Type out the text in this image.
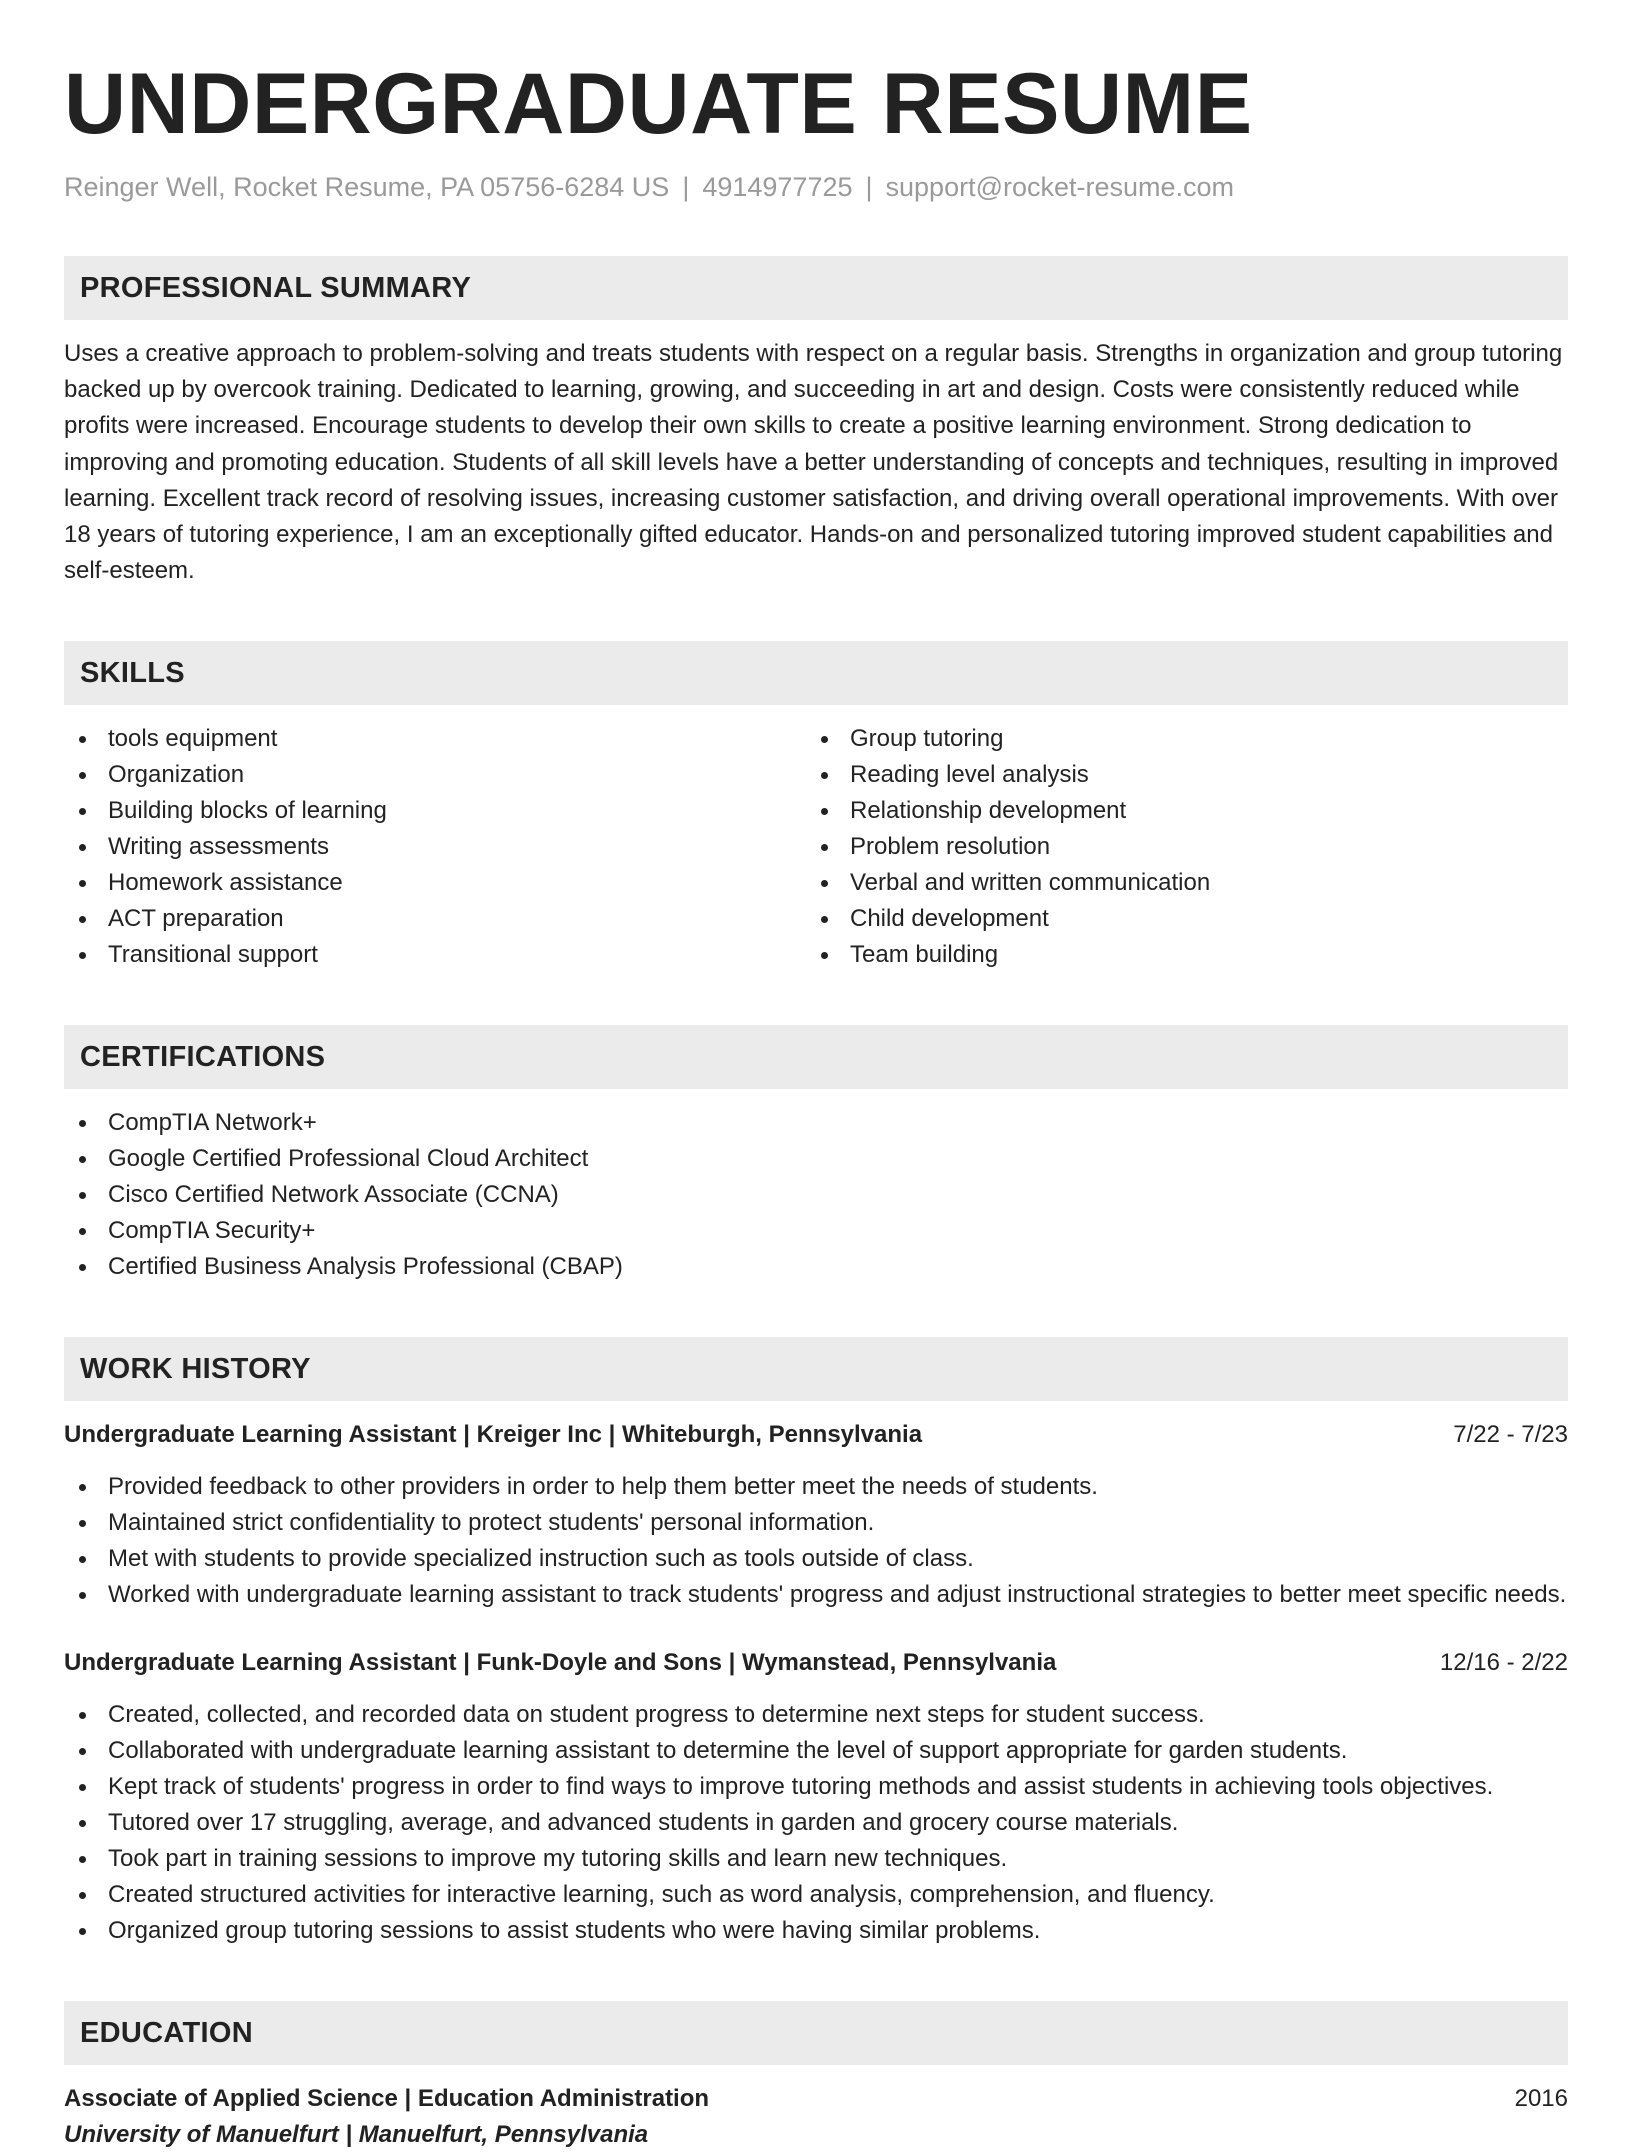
UNDERGRADUATE RESUME
Reinger Well, Rocket Resume, PA 05756-6284 US | 4914977725 | support@rocket-resume.com
PROFESSIONAL SUMMARY
Uses a creative approach to problem-solving and treats students with respect on a regular basis. Strengths in organization and group tutoring backed up by overcook training. Dedicated to learning, growing, and succeeding in art and design. Costs were consistently reduced while profits were increased. Encourage students to develop their own skills to create a positive learning environment. Strong dedication to improving and promoting education. Students of all skill levels have a better understanding of concepts and techniques, resulting in improved learning. Excellent track record of resolving issues, increasing customer satisfaction, and driving overall operational improvements. With over 18 years of tutoring experience, I am an exceptionally gifted educator. Hands-on and personalized tutoring improved student capabilities and self-esteem.
SKILLS
tools equipment
Organization
Building blocks of learning
Writing assessments
Homework assistance
ACT preparation
Transitional support
Group tutoring
Reading level analysis
Relationship development
Problem resolution
Verbal and written communication
Child development
Team building
CERTIFICATIONS
CompTIA Network+
Google Certified Professional Cloud Architect
Cisco Certified Network Associate (CCNA)
CompTIA Security+
Certified Business Analysis Professional (CBAP)
WORK HISTORY
Undergraduate Learning Assistant | Kreiger Inc | Whiteburgh, Pennsylvania	7/22 - 7/23
Provided feedback to other providers in order to help them better meet the needs of students.
Maintained strict confidentiality to protect students' personal information.
Met with students to provide specialized instruction such as tools outside of class.
Worked with undergraduate learning assistant to track students' progress and adjust instructional strategies to better meet specific needs.
Undergraduate Learning Assistant | Funk-Doyle and Sons | Wymanstead, Pennsylvania	12/16 - 2/22
Created, collected, and recorded data on student progress to determine next steps for student success.
Collaborated with undergraduate learning assistant to determine the level of support appropriate for garden students.
Kept track of students' progress in order to find ways to improve tutoring methods and assist students in achieving tools objectives.
Tutored over 17 struggling, average, and advanced students in garden and grocery course materials.
Took part in training sessions to improve my tutoring skills and learn new techniques.
Created structured activities for interactive learning, such as word analysis, comprehension, and fluency.
Organized group tutoring sessions to assist students who were having similar problems.
EDUCATION
Associate of Applied Science | Education Administration	2016
University of Manuelfurt | Manuelfurt, Pennsylvania
